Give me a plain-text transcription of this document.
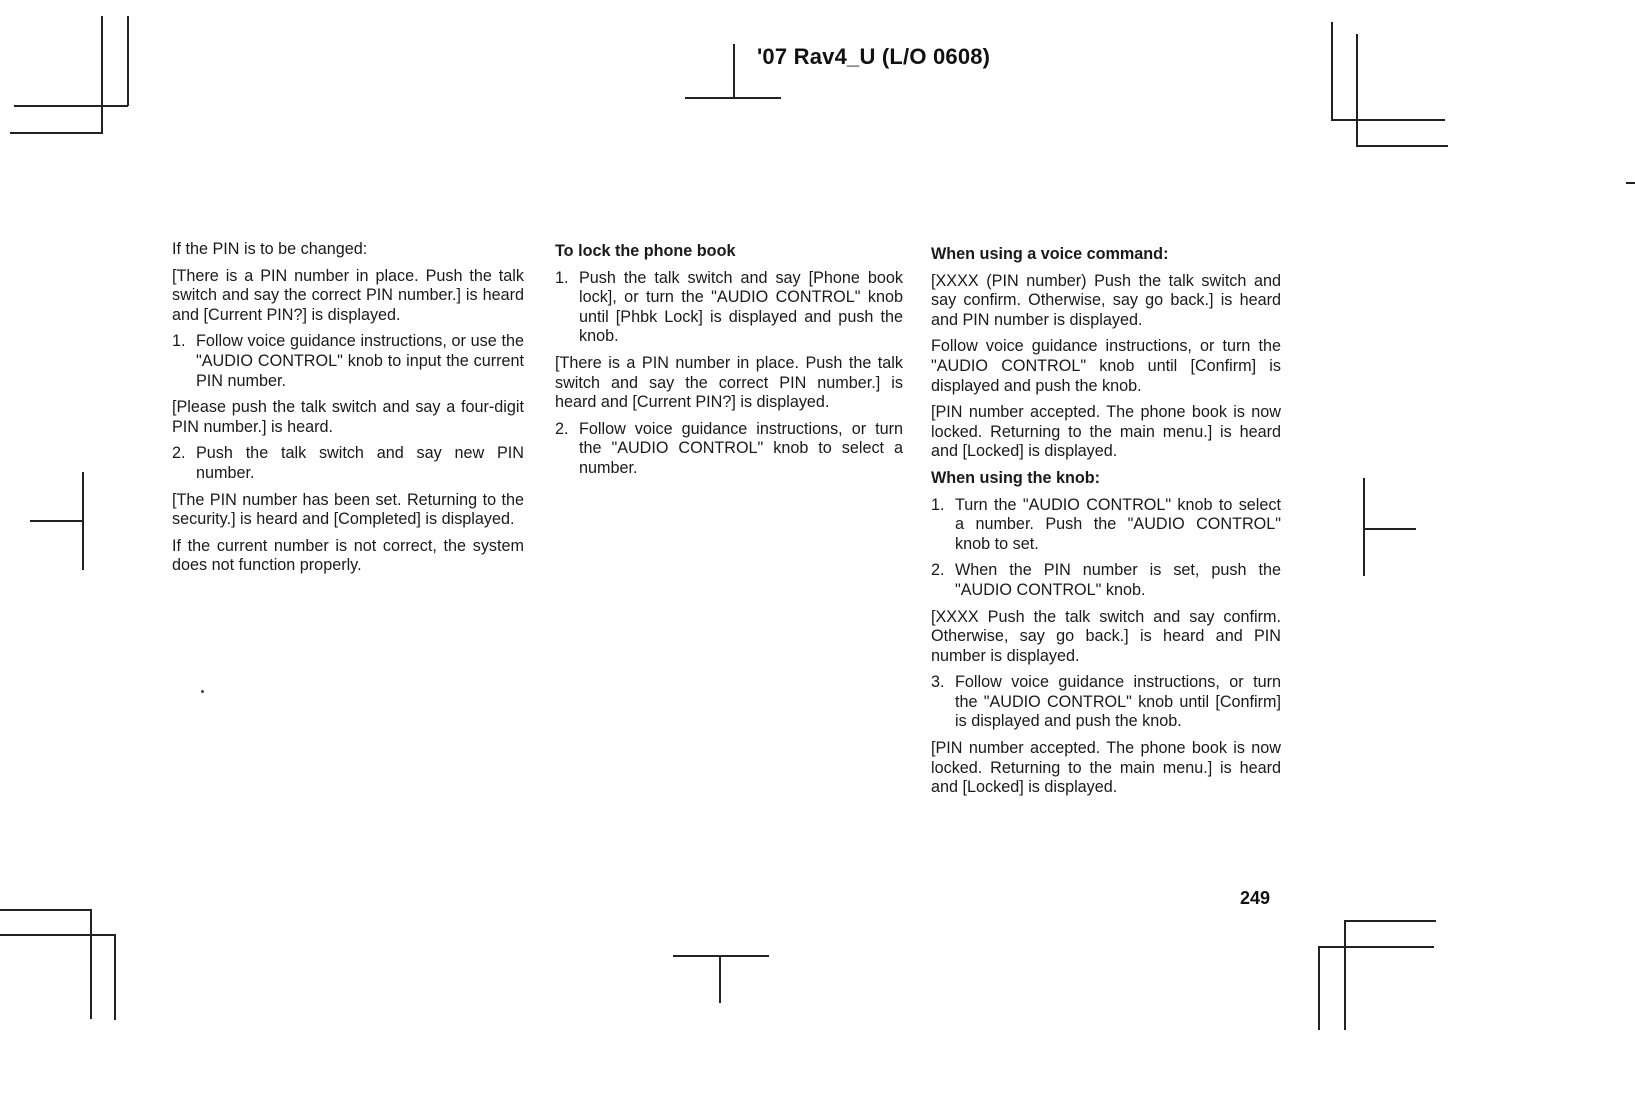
'07 Rav4_U (L/O 0608)

If the PIN is to be changed:

[There is a PIN number in place. Push the talk switch and say the correct PIN number.] is heard and [Current PIN?] is displayed.

1. Follow voice guidance instructions, or use the "AUDIO CONTROL" knob to input the current PIN number.

[Please push the talk switch and say a four-digit PIN number.] is heard.

2. Push the talk switch and say new PIN number.

[The PIN number has been set. Returning to the security.] is heard and [Completed] is displayed.

If the current number is not correct, the system does not function properly.

To lock the phone book

1. Push the talk switch and say [Phone book lock], or turn the "AUDIO CONTROL" knob until [Phbk Lock] is displayed and push the knob.

[There is a PIN number in place. Push the talk switch and say the correct PIN number.] is heard and [Current PIN?] is displayed.

2. Follow voice guidance instructions, or turn the "AUDIO CONTROL" knob to select a number.

When using a voice command:

[XXXX (PIN number) Push the talk switch and say confirm. Otherwise, say go back.] is heard and PIN number is displayed.

Follow voice guidance instructions, or turn the "AUDIO CONTROL" knob until [Confirm] is displayed and push the knob.

[PIN number accepted. The phone book is now locked. Returning to the main menu.] is heard and [Locked] is displayed.

When using the knob:

1. Turn the "AUDIO CONTROL" knob to select a number. Push the "AUDIO CONTROL" knob to set.
2. When the PIN number is set, push the "AUDIO CONTROL" knob.

[XXXX Push the talk switch and say confirm. Otherwise, say go back.] is heard and PIN number is displayed.

3. Follow voice guidance instructions, or turn the "AUDIO CONTROL" knob until [Confirm] is displayed and push the knob.

[PIN number accepted. The phone book is now locked. Returning to the main menu.] is heard and [Locked] is displayed.

249
